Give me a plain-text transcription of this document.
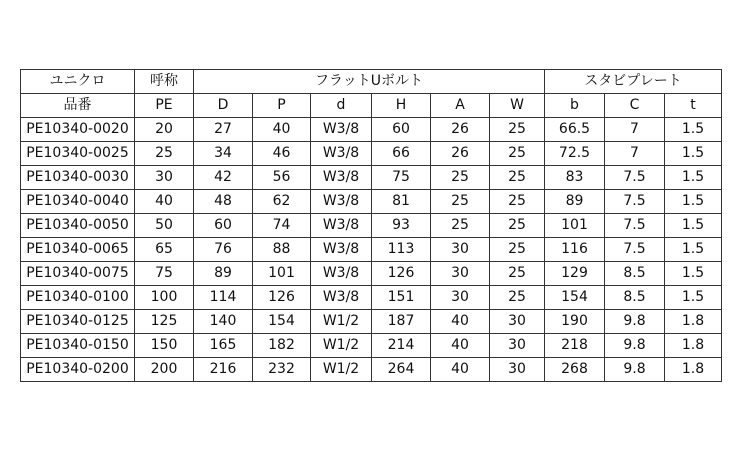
ユニクロ	呼称	フラットUボルト						スタビプレート		
品番	PE	D	P	d	H	A	W	b	C	t
PE10340-0020	20	27	40	W3/8	60	26	25	66.5	7	1.5
PE10340-0025	25	34	46	W3/8	66	26	25	72.5	7	1.5
PE10340-0030	30	42	56	W3/8	75	25	25	83	7.5	1.5
PE10340-0040	40	48	62	W3/8	81	25	25	89	7.5	1.5
PE10340-0050	50	60	74	W3/8	93	25	25	101	7.5	1.5
PE10340-0065	65	76	88	W3/8	113	30	25	116	7.5	1.5
PE10340-0075	75	89	101	W3/8	126	30	25	129	8.5	1.5
PE10340-0100	100	114	126	W3/8	151	30	25	154	8.5	1.5
PE10340-0125	125	140	154	W1/2	187	40	30	190	9.8	1.8
PE10340-0150	150	165	182	W1/2	214	40	30	218	9.8	1.8
PE10340-0200	200	216	232	W1/2	264	40	30	268	9.8	1.8
